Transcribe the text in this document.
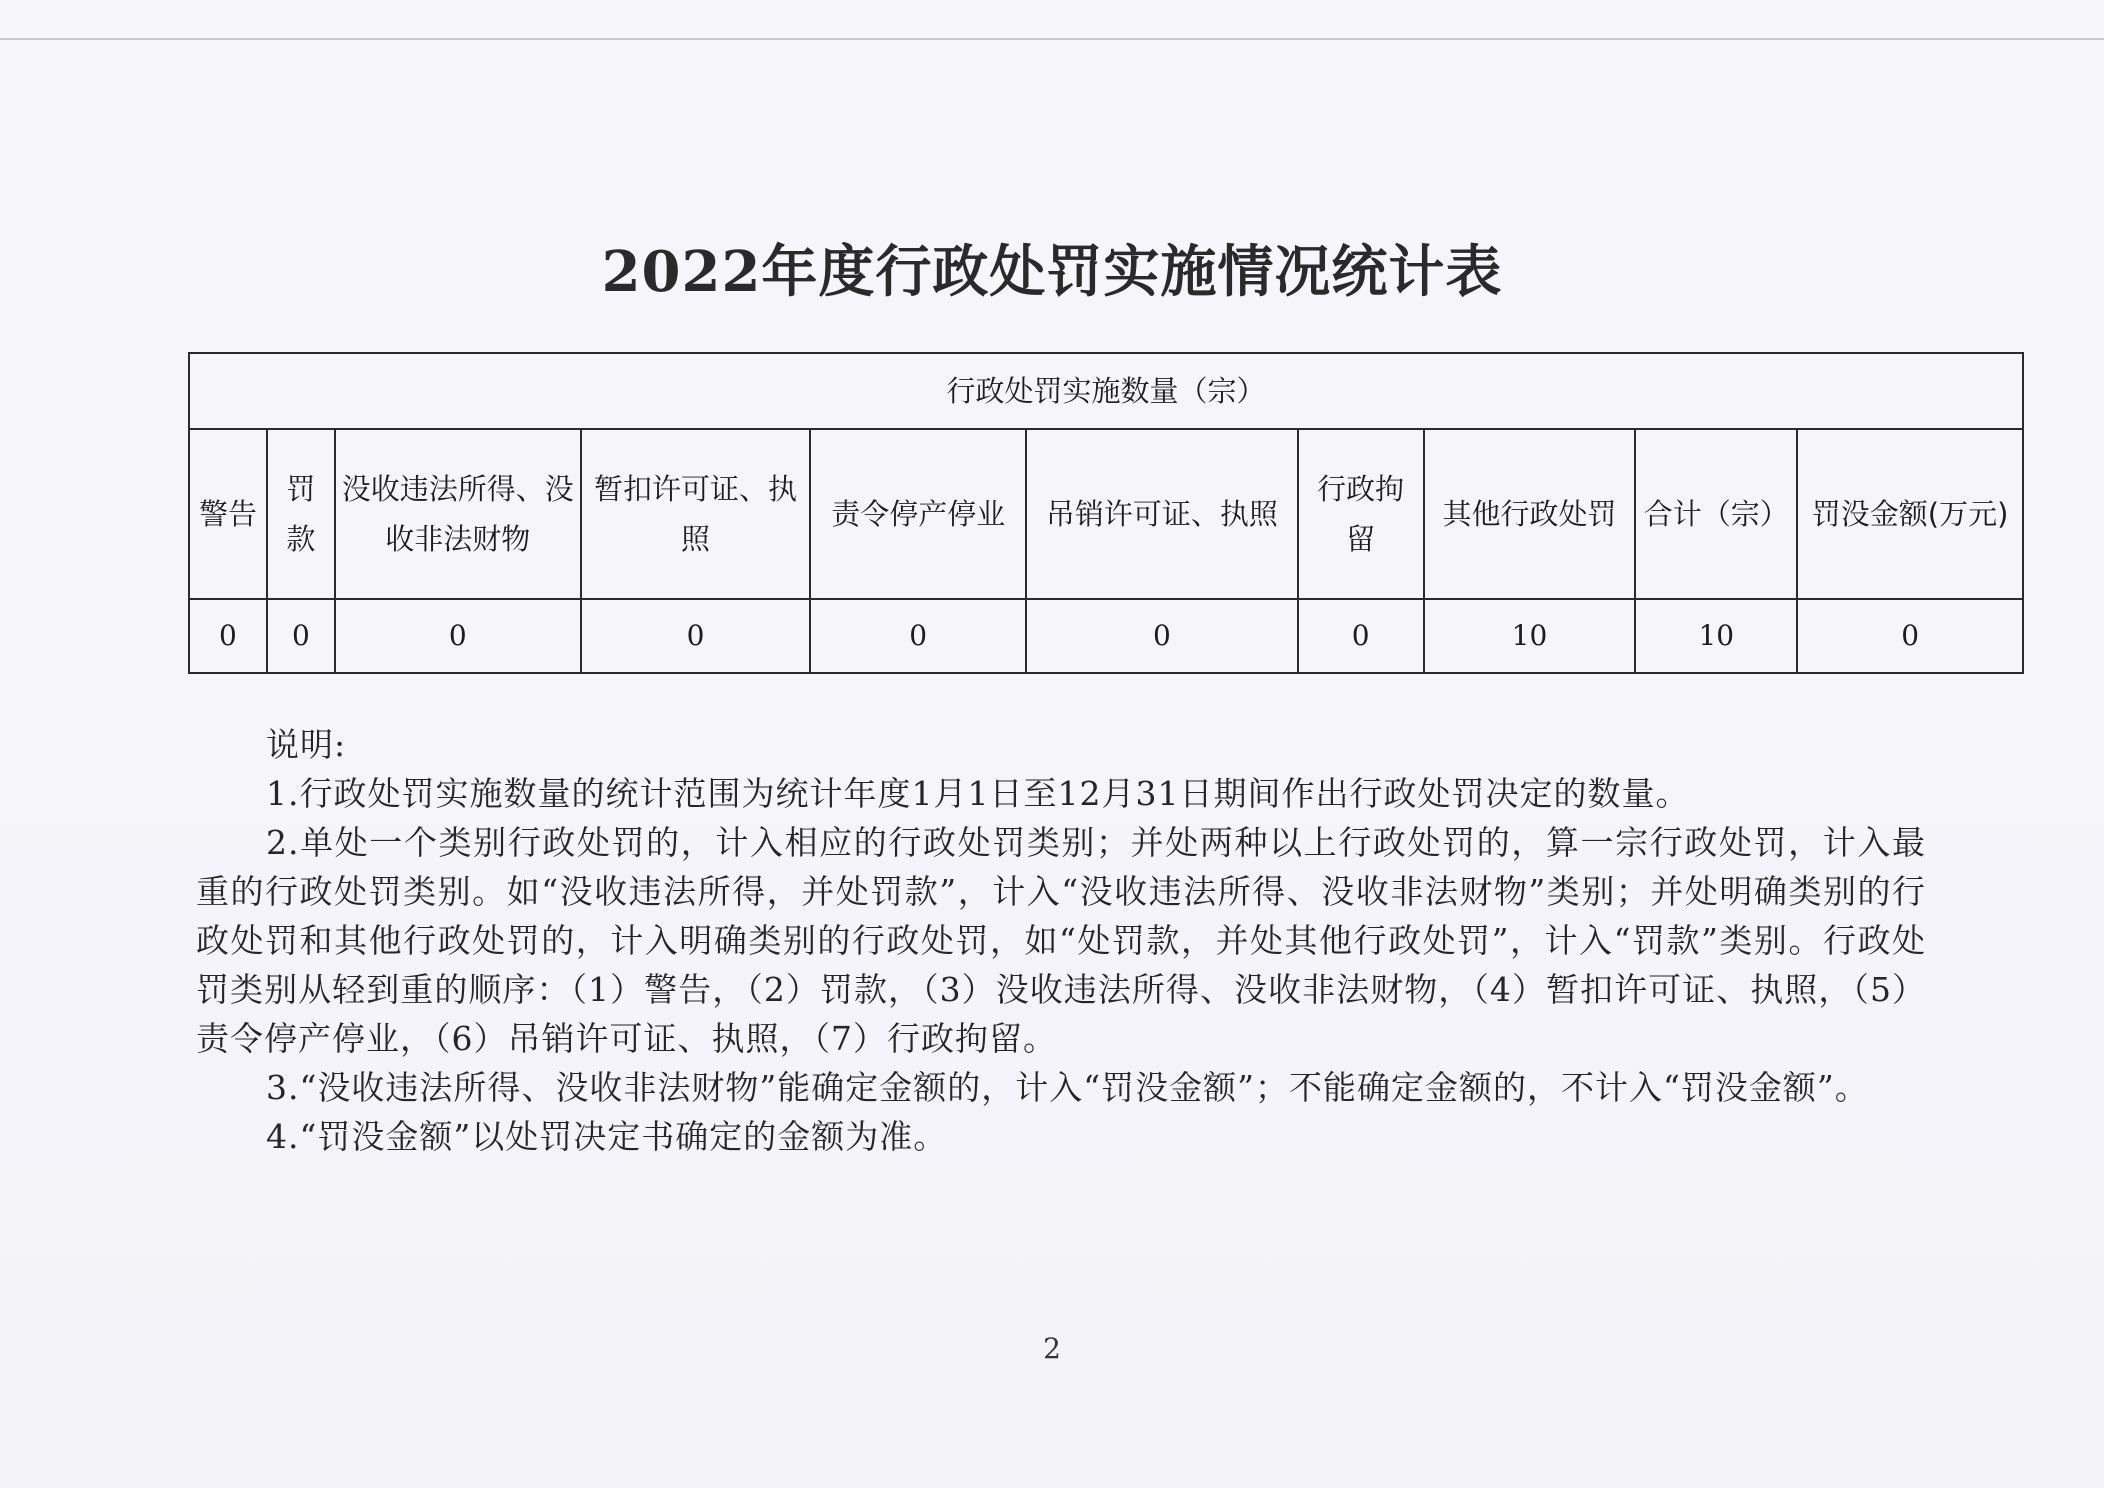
2022年度行政处罚实施情况统计表
行政处罚实施数量（宗）									
警告	罚款	没收违法所得、没收非法财物	暂扣许可证、执照	责令停产停业	吊销许可证、执照	行政拘留	其他行政处罚	合计（宗）	罚没金额(万元)
0	0	0	0	0	0	0	10	10	0

说明:

1.行政处罚实施数量的统计范围为统计年度1月1日至12月31日期间作出行政处罚决定的数量。

2.单处一个类别行政处罚的，计入相应的行政处罚类别；并处两种以上行政处罚的，算一宗行政处罚，计入最重的行政处罚类别。如“没收违法所得，并处罚款”，计入“没收违法所得、没收非法财物”类别；并处明确类别的行政处罚和其他行政处罚的，计入明确类别的行政处罚，如“处罚款，并处其他行政处罚”，计入“罚款”类别。行政处罚类别从轻到重的顺序：（1）警告，（2）罚款，（3）没收违法所得、没收非法财物，（4）暂扣许可证、执照，（5）责令停产停业，（6）吊销许可证、执照，（7）行政拘留。

3.“没收违法所得、没收非法财物”能确定金额的，计入“罚没金额”；不能确定金额的，不计入“罚没金额”。

4.“罚没金额”以处罚决定书确定的金额为准。

2
